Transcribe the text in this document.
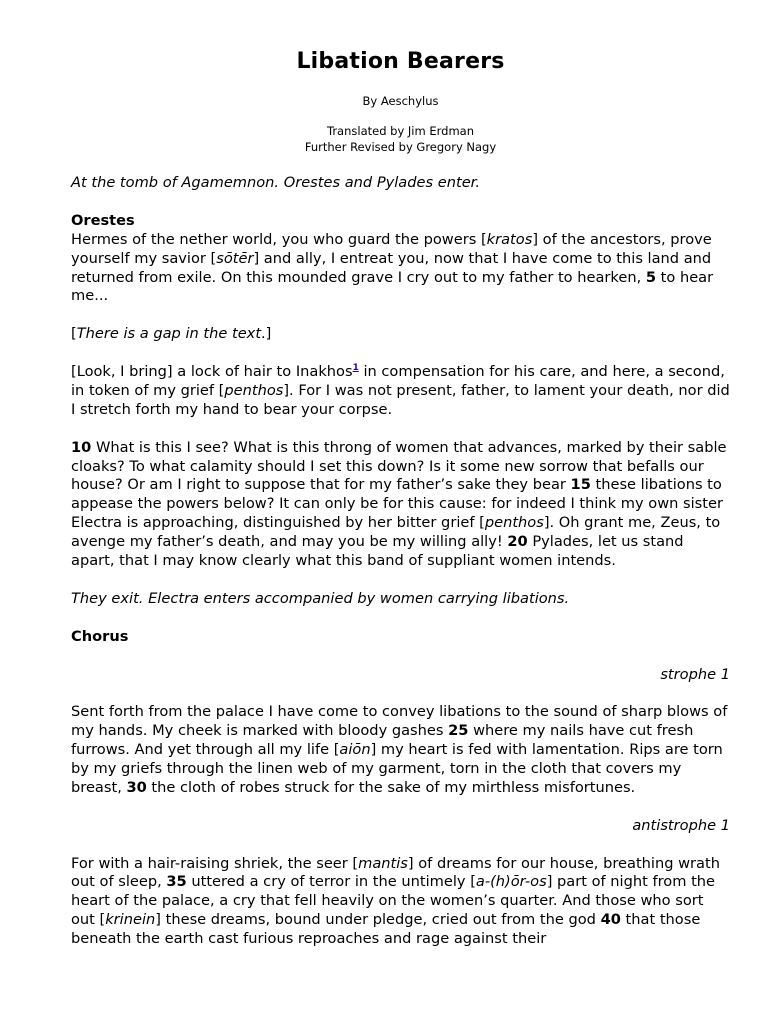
Libation Bearers
By Aeschylus
Translated by Jim Erdman
Further Revised by Gregory Nagy

At the tomb of Agamemnon. Orestes and Pylades enter.

Orestes

Hermes of the nether world, you who guard the powers [kratos] of the ancestors, prove yourself my savior [sōtēr] and ally, I entreat you, now that I have come to this land and returned from exile. On this mounded grave I cry out to my father to hearken, 5 to hear me...

[There is a gap in the text.]

[Look, I bring] a lock of hair to Inakhos$^1$ in compensation for his care, and here, a second, in token of my grief [penthos]. For I was not present, father, to lament your death, nor did I stretch forth my hand to bear your corpse.

10 What is this I see? What is this throng of women that advances, marked by their sable cloaks? To what calamity should I set this down? Is it some new sorrow that befalls our house? Or am I right to suppose that for my father’s sake they bear 15 these libations to appease the powers below? It can only be for this cause: for indeed I think my own sister Electra is approaching, distinguished by her bitter grief [penthos]. Oh grant me, Zeus, to avenge my father’s death, and may you be my willing ally! 20 Pylades, let us stand apart, that I may know clearly what this band of suppliant women intends.

They exit. Electra enters accompanied by women carrying libations.

Chorus

strophe 1

Sent forth from the palace I have come to convey libations to the sound of sharp blows of my hands. My cheek is marked with bloody gashes 25 where my nails have cut fresh furrows. And yet through all my life [aiōn] my heart is fed with lamentation. Rips are torn by my griefs through the linen web of my garment, torn in the cloth that covers my breast, 30 the cloth of robes struck for the sake of my mirthless misfortunes.

antistrophe 1

For with a hair-raising shriek, the seer [mantis] of dreams for our house, breathing wrath out of sleep, 35 uttered a cry of terror in the untimely [a-(h)ōr-os] part of night from the heart of the palace, a cry that fell heavily on the women’s quarter. And those who sort out [krinein] these dreams, bound under pledge, cried out from the god 40 that those beneath the earth cast furious reproaches and rage against their
